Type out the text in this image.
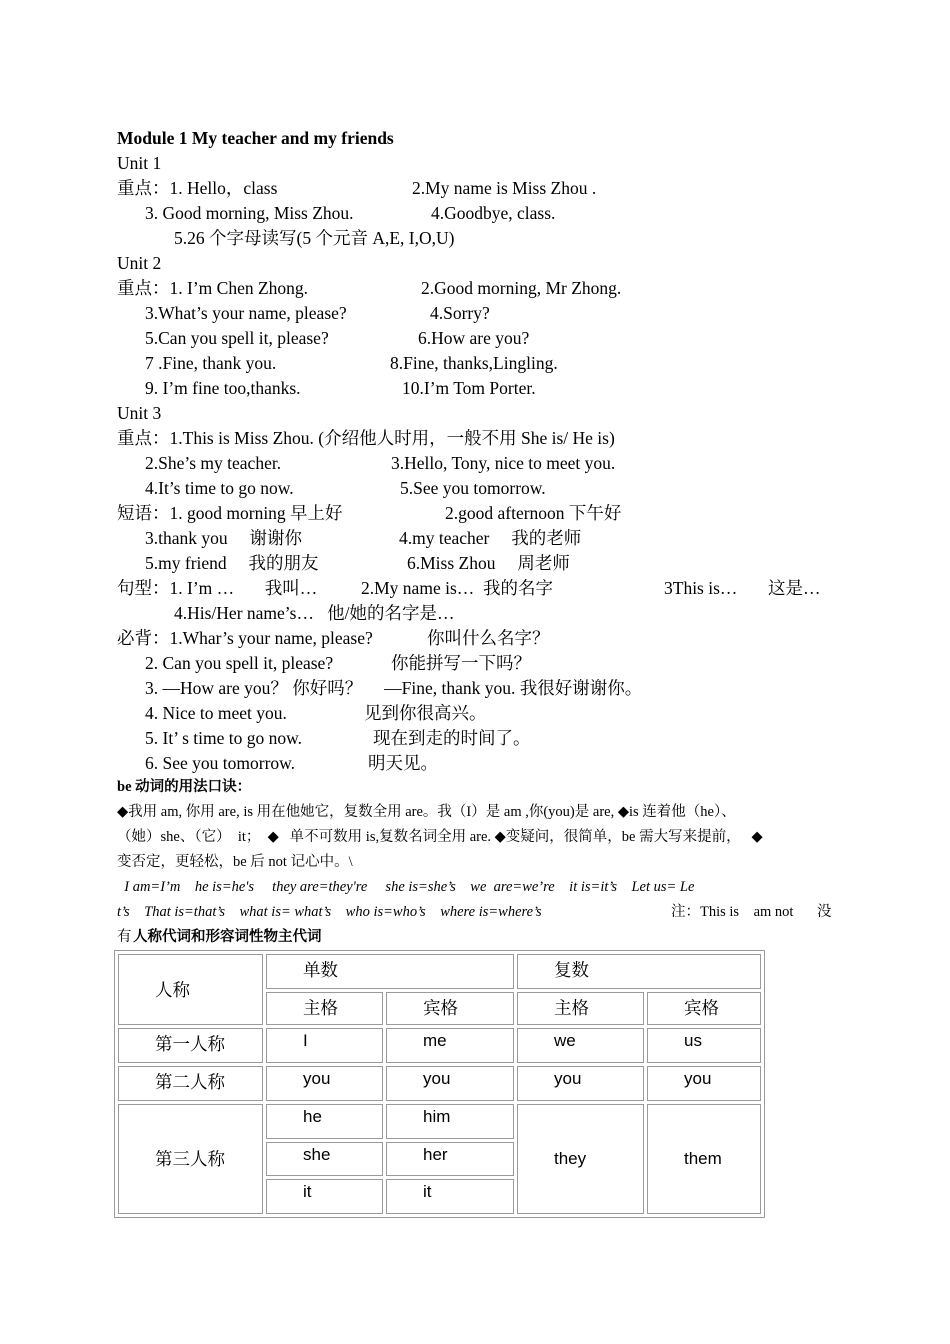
Module 1 My teacher and my friends
Unit 1

重点：1. Hello，class

	2.My name is Miss Zhou .

3. Good morning, Miss Zhou.

	4.Goodbye, class.

5.26 个字母读写(5 个元音 A,E, I,O,U)

Unit 2

重点：1. I’m Chen Zhong.

	2.Good morning, Mr Zhong.

3.What’s your name, please?

	4.Sorry?

5.Can you spell it, please?

	6.How are you?

7 .Fine, thank you.

	8.Fine, thanks,Lingling.

9. I’m fine too,thanks.

	10.I’m Tom Porter.

Unit 3
重点：1.This is Miss Zhou. (介绍他人时用，一般不用 She is/ He is)

2.She’s my teacher.

	3.Hello, Tony, nice to meet you.

4.It’s time to go now.

	5.See you tomorrow.

短语：1. good morning 早上好

	2.good afternoon 下午好

3.thank you     谢谢你

	4.my teacher     我的老师

5.my friend     我的朋友

	6.Miss Zhou     周老师

句型：1. I’m …       我叫…

2.My name is…  我的名字

	3This is…       这是…

4.His/Her name’s…   他/她的名字是…

必背：1.Whar’s your name, please?

	你叫什么名字？

2. Can you spell it, please?

	你能拼写一下吗？

3. —How are you？ 你好吗？     —Fine, thank you. 我很好谢谢你。

4. Nice to meet you.

	见到你很高兴。

5. It’ s time to go now.

	现在到走的时间了。

6. See you tomorrow.

	明天见。

be 动词的用法口诀：
◆我用 am, 你用 are, is 用在他她它，复数全用 are。我（I）是 am ,你(you)是 are, ◆is 连着他（he）、
（她）she、（它）  it；  ◆   单不可数用 is,复数名词全用 are. ◆变疑问，很简单，be 需大写来提前，   ◆
变否定，更轻松，be 后 not 记心中。\
I am=I’m    he is=he's     they are=they're     she is=she’s    we  are=we’re    it is=it’s    Let us= Le

t’s    That is=that’s    what is= what’s    who is=who’s    where is=where’s

	注：This is    am not

没

有

人称代词和形容词性物主代词

人称	单数		复数	
	主格	宾格	主格	宾格
第一人称	I	me	we	us
第二人称	you	you	you	you
第三人称	he	him	they	them
	she	her		
	it	it		
